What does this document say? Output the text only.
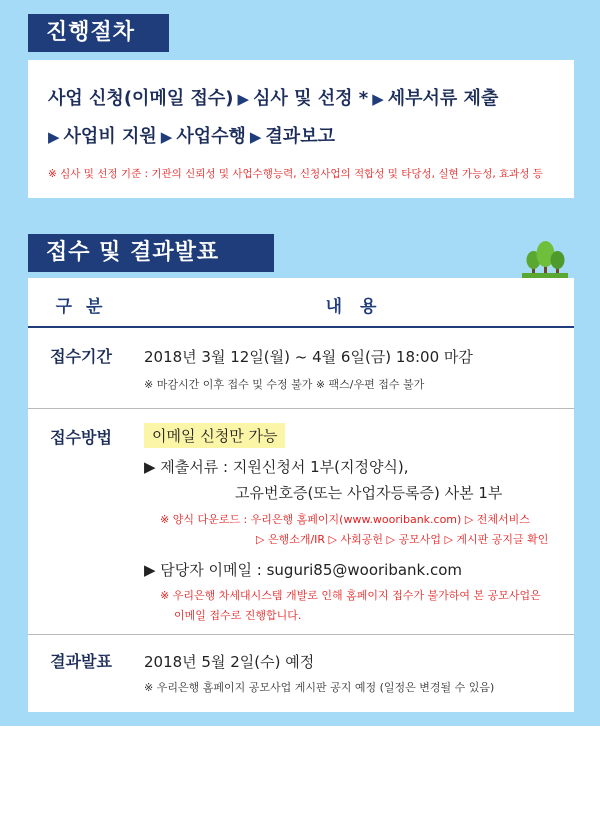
진행절차
사업 신청(이메일 접수) ▶ 심사 및 선정 * ▶ 세부서류 제출
▶ 사업비 지원 ▶ 사업수행 ▶ 결과보고
※ 심사 및 선정 기준 : 기관의 신뢰성 및 사업수행능력, 신청사업의 적합성 및 타당성, 실현 가능성, 효과성 등
접수 및 결과발표
구 분	내 용
접수기간	2018년 3월 12일(월) ~ 4월 6일(금) 18:00 마감
※ 마감시간 이후 접수 및 수정 불가 ※ 팩스/우편 접수 불가
접수방법	이메일 신청만 가능
▶ 제출서류 : 지원신청서 1부(지정양식),
고유번호증(또는 사업자등록증) 사본 1부
※ 양식 다운로드 : 우리은행 홈페이지(www.wooribank.com) ▷ 전체서비스
▷ 은행소개/IR ▷ 사회공헌 ▷ 공모사업 ▷ 게시판 공지글 확인
▶ 담당자 이메일 : suguri85@wooribank.com
※ 우리은행 차세대시스템 개발로 인해 홈페이지 접수가 불가하여 본 공모사업은
이메일 접수로 진행합니다.
결과발표	2018년 5월 2일(수) 예정
※ 우리은행 홈페이지 공모사업 게시판 공지 예정 (일정은 변경될 수 있음)
